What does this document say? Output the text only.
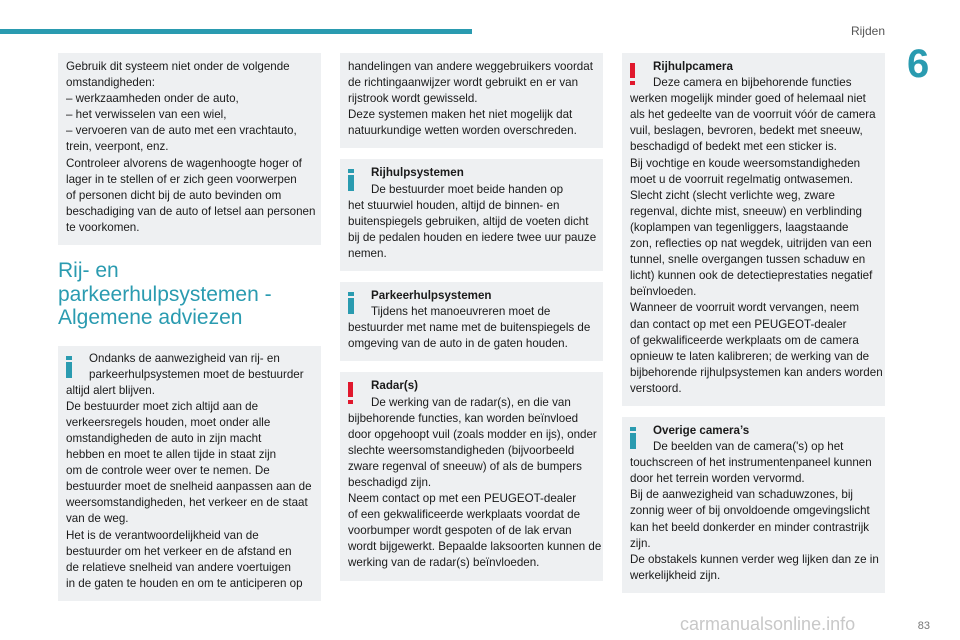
Rijden
6
Gebruik dit systeem niet onder de volgende
omstandigheden:
– werkzaamheden onder de auto,
– het verwisselen van een wiel,
– vervoeren van de auto met een vrachtauto,
trein, veerpont, enz.
Controleer alvorens de wagenhoogte hoger of
lager in te stellen of er zich geen voorwerpen
of personen dicht bij de auto bevinden om
beschadiging van de auto of letsel aan personen
te voorkomen.
Rij- en
parkeerhulpsystemen -
Algemene adviezen
Ondanks de aanwezigheid van rij- en
parkeerhulpsystemen moet de bestuurder
altijd alert blijven.
De bestuurder moet zich altijd aan de
verkeersregels houden, moet onder alle
omstandigheden de auto in zijn macht
hebben en moet te allen tijde in staat zijn
om de controle weer over te nemen. De
bestuurder moet de snelheid aanpassen aan de
weersomstandigheden, het verkeer en de staat
van de weg.
Het is de verantwoordelijkheid van de
bestuurder om het verkeer en de afstand en
de relatieve snelheid van andere voertuigen
in de gaten te houden en om te anticiperen op
handelingen van andere weggebruikers voordat
de richtingaanwijzer wordt gebruikt en er van
rijstrook wordt gewisseld.
Deze systemen maken het niet mogelijk dat
natuurkundige wetten worden overschreden.
Rijhulpsystemen
De bestuurder moet beide handen op
het stuurwiel houden, altijd de binnen- en
buitenspiegels gebruiken, altijd de voeten dicht
bij de pedalen houden en iedere twee uur pauze
nemen.
Parkeerhulpsystemen
Tijdens het manoeuvreren moet de
bestuurder met name met de buitenspiegels de
omgeving van de auto in de gaten houden.
Radar(s)
De werking van de radar(s), en die van
bijbehorende functies, kan worden beïnvloed
door opgehoopt vuil (zoals modder en ijs), onder
slechte weersomstandigheden (bijvoorbeeld
zware regenval of sneeuw) of als de bumpers
beschadigd zijn.
Neem contact op met een PEUGEOT-dealer
of een gekwalificeerde werkplaats voordat de
voorbumper wordt gespoten of de lak ervan
wordt bijgewerkt. Bepaalde laksoorten kunnen de
werking van de radar(s) beïnvloeden.
Rijhulpcamera
Deze camera en bijbehorende functies
werken mogelijk minder goed of helemaal niet
als het gedeelte van de voorruit vóór de camera
vuil, beslagen, bevroren, bedekt met sneeuw,
beschadigd of bedekt met een sticker is.
Bij vochtige en koude weersomstandigheden
moet u de voorruit regelmatig ontwasemen.
Slecht zicht (slecht verlichte weg, zware
regenval, dichte mist, sneeuw) en verblinding
(koplampen van tegenliggers, laagstaande
zon, reflecties op nat wegdek, uitrijden van een
tunnel, snelle overgangen tussen schaduw en
licht) kunnen ook de detectieprestaties negatief
beïnvloeden.
Wanneer de voorruit wordt vervangen, neem
dan contact op met een PEUGEOT-dealer
of gekwalificeerde werkplaats om de camera
opnieuw te laten kalibreren; de werking van de
bijbehorende rijhulpsystemen kan anders worden
verstoord.
Overige camera’s
De beelden van de camera('s) op het
touchscreen of het instrumentenpaneel kunnen
door het terrein worden vervormd.
Bij de aanwezigheid van schaduwzones, bij
zonnig weer of bij onvoldoende omgevingslicht
kan het beeld donkerder en minder contrastrijk
zijn.
De obstakels kunnen verder weg lijken dan ze in
werkelijkheid zijn.
carmanualsonline.info	83
